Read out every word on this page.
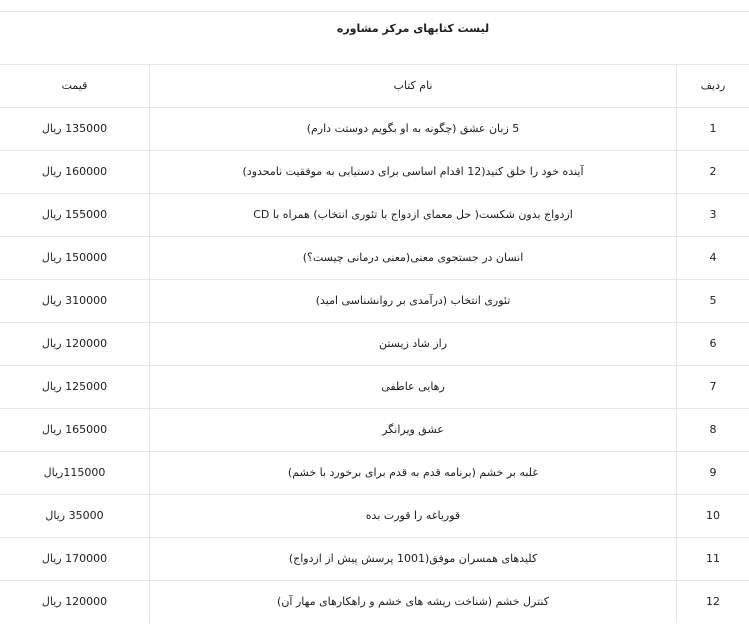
لیست کتابهای مرکز مشاوره
ردیف
نام کتاب
قیمت
1
5 زبان عشق (چگونه به او بگویم دوستت دارم)
135000 ریال
2
آینده خود را خلق کنید(12 اقدام اساسی برای دستیابی به موفقیت نامحدود)
160000 ریال
3
ازدواج بدون شکست( حل معمای ازدواج با تئوری انتخاب) همراه با CD
155000 ریال
4
انسان در جستجوی معنی(معنی درمانی چیست؟)
150000 ریال
5
تئوری انتخاب (درآمدی بر روانشناسی امید)
310000 ریال
6
راز شاد زیستن
120000 ریال
7
رهایی عاطفی
125000 ریال
8
عشق ویرانگر
165000 ریال
9
غلبه بر خشم (برنامه قدم به قدم برای برخورد با خشم)
115000ریال
10
قورباغه را قورت بده
35000 ریال
11
کلیدهای همسران موفق(1001 پرسش پیش از ازدواج)
170000 ریال
12
کنترل خشم (شناخت ریشه های خشم و راهکارهای مهار آن)
120000 ریال
